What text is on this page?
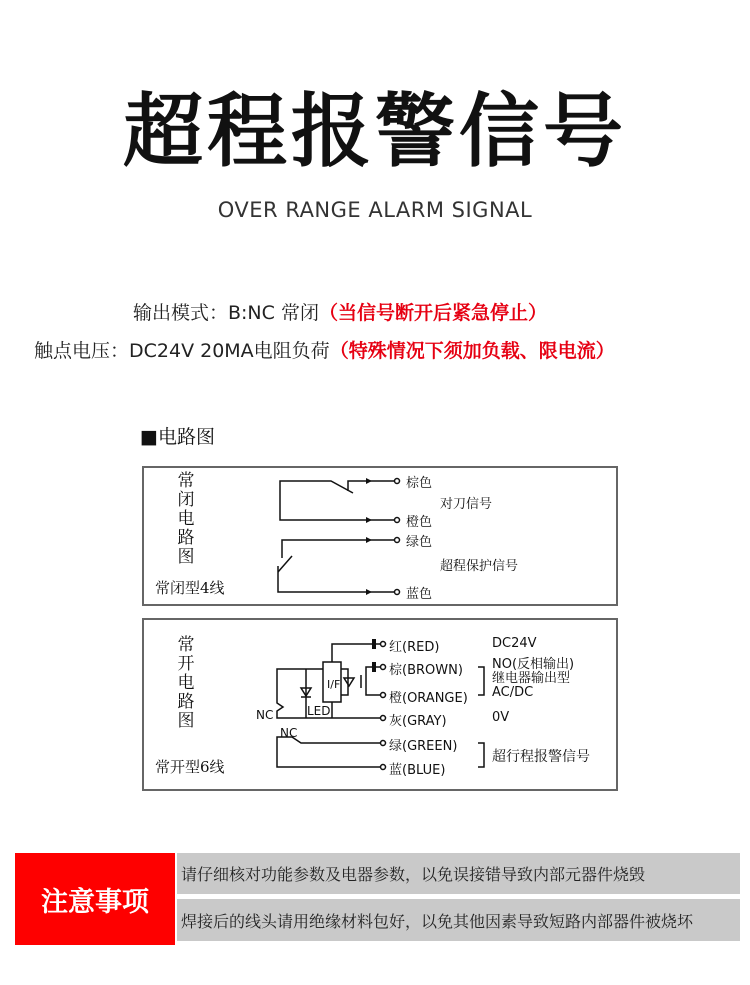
超程报警信号
OVER RANGE ALARM SIGNAL
输出模式：B:NC 常闭（当信号断开后紧急停止）
触点电压：DC24V 20MA电阻负荷（特殊情况下须加负载、限电流）
■电路图
常
闭
电
路
图
常闭型4线
棕色
橙色
绿色
蓝色
对刀信号
超程保护信号
常
开
电
路
图
常开型6线
I/F
LED
NC
NC
红(RED)
棕(BROWN)
橙(ORANGE)
灰(GRAY)
绿(GREEN)
蓝(BLUE)
DC24V
NO(反相输出)
继电器输出型
AC/DC
0V
超行程报警信号
注意事项
请仔细核对功能参数及电器参数，以免误接错导致内部元器件烧毁
焊接后的线头请用绝缘材料包好，以免其他因素导致短路内部器件被烧坏
